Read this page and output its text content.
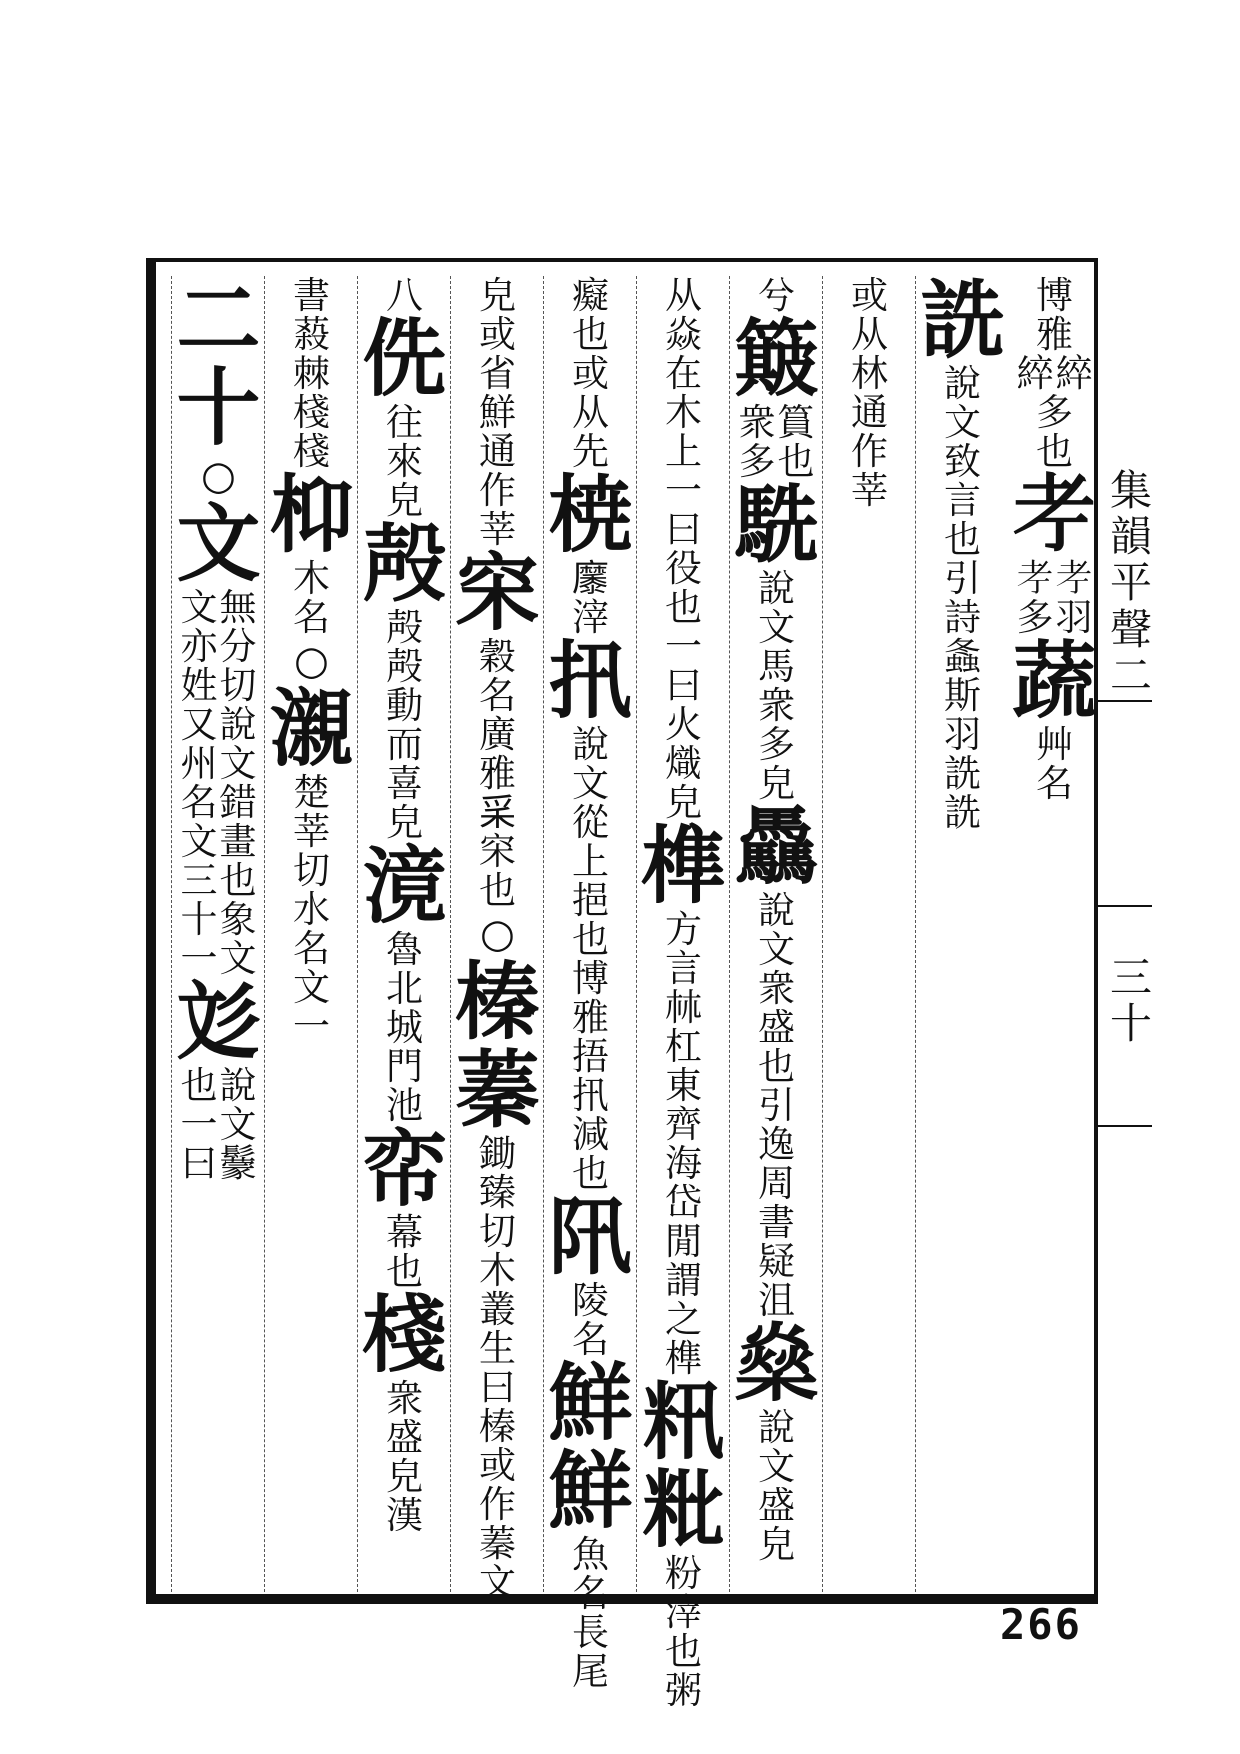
博
雅
綷
綷
多
也
𦒱
𦒱
羽
𦒱
多
蔬
艸
名
詵
說
文
致
言
也
引
詩
螽
斯
羽
詵
詵
或
从
林
通
作
莘
兮
簸
篔
也
衆
多
駪
說
文
馬
衆
多
皃
驫
說
文
衆
盛
也
引
逸
周
書
疑
沮
燊
說
文
盛
皃
从
焱
在
木
上
一
曰
役
也
一
曰
火
熾
皃
榫
方
言
𣏟
杠
東
齊
海
岱
閒
謂
之
榫
籸
粃
粉
滓
也
粥
癡
也
或
从
先
𣓤
𪎭
滓
扟
說
文
從
上
挹
也
博
雅
捂
扟
減
也
阠
陵
名
鮮
鮮
魚
名
長
尾
皃
或
省
鮮
通
作
莘
穼
穀
名
廣
雅
𥝩
穼
也
○
榛
蓁
鋤
臻
切
木
叢
生
曰
榛
或
作
蓁
文
八
侁
往
來
皃
殸
殸
殸
動
而
喜
皃
滰
魯
北
城
門
池
帟
幕
也
棧
衆
盛
皃
漢
書
蔱
棘
棧
棧
枊
木
名
○
瀙
楚
莘
切
水
名
文
一
二
十
○
文
無
分
切
說
文
錯
畫
也
象
文
文
亦
姓
又
州
名
文
三
十
一
彣
說
文
䰒
也
一
曰
集
韻
平
聲
二
三
十
266
